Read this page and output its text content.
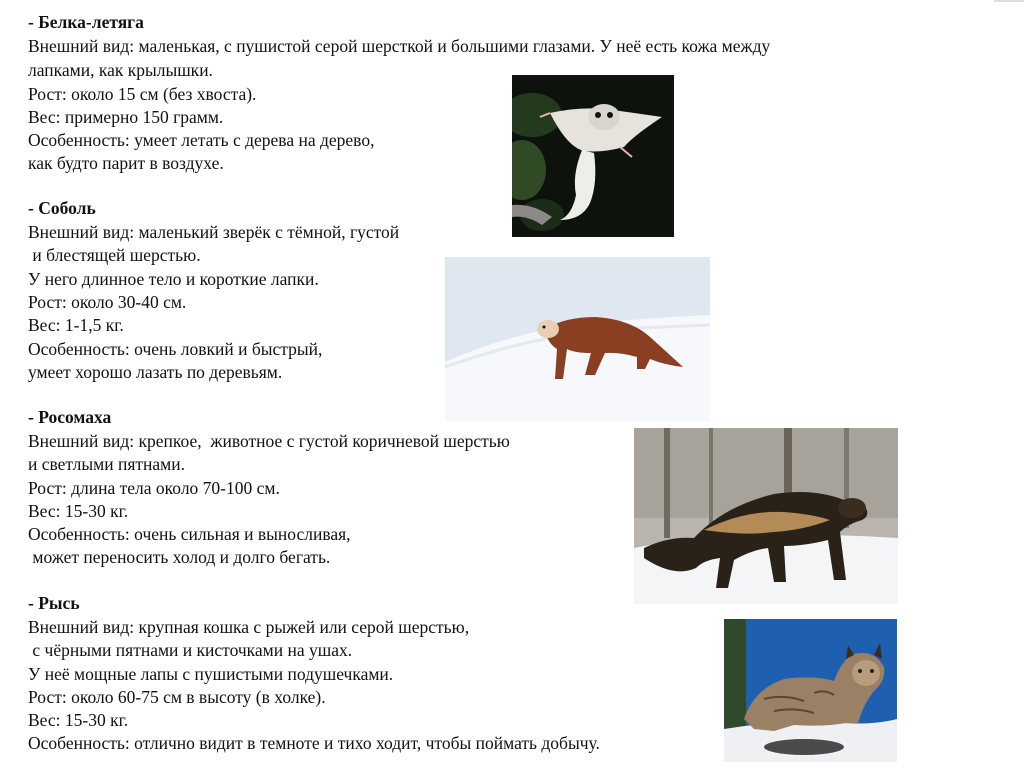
- Белка-летяга
Внешний вид: маленькая, с пушистой серой шерсткой и большими глазами. У неё есть кожа между
лапками, как крылышки.
Рост: около 15 см (без хвоста).
Вес: примерно 150 грамм.
Особенность: умеет летать с дерева на дерево,
как будто парит в воздухе.
- Соболь
Внешний вид: маленький зверёк с тёмной, густой
и блестящей шерстью.
У него длинное тело и короткие лапки.
Рост: около 30-40 см.
Вес: 1-1,5 кг.
Особенность: очень ловкий и быстрый,
умеет хорошо лазать по деревьям.
- Росомаха
Внешний вид: крепкое,  животное с густой коричневой шерстью
и светлыми пятнами.
Рост: длина тела около 70-100 см.
Вес: 15-30 кг.
Особенность: очень сильная и выносливая,
может переносить холод и долго бегать.
- Рысь
Внешний вид: крупная кошка с рыжей или серой шерстью,
с чёрными пятнами и кисточками на ушах.
У неё мощные лапы с пушистыми подушечками.
Рост: около 60-75 см в высоту (в холке).
Вес: 15-30 кг.
Особенность: отлично видит в темноте и тихо ходит, чтобы поймать добычу.
